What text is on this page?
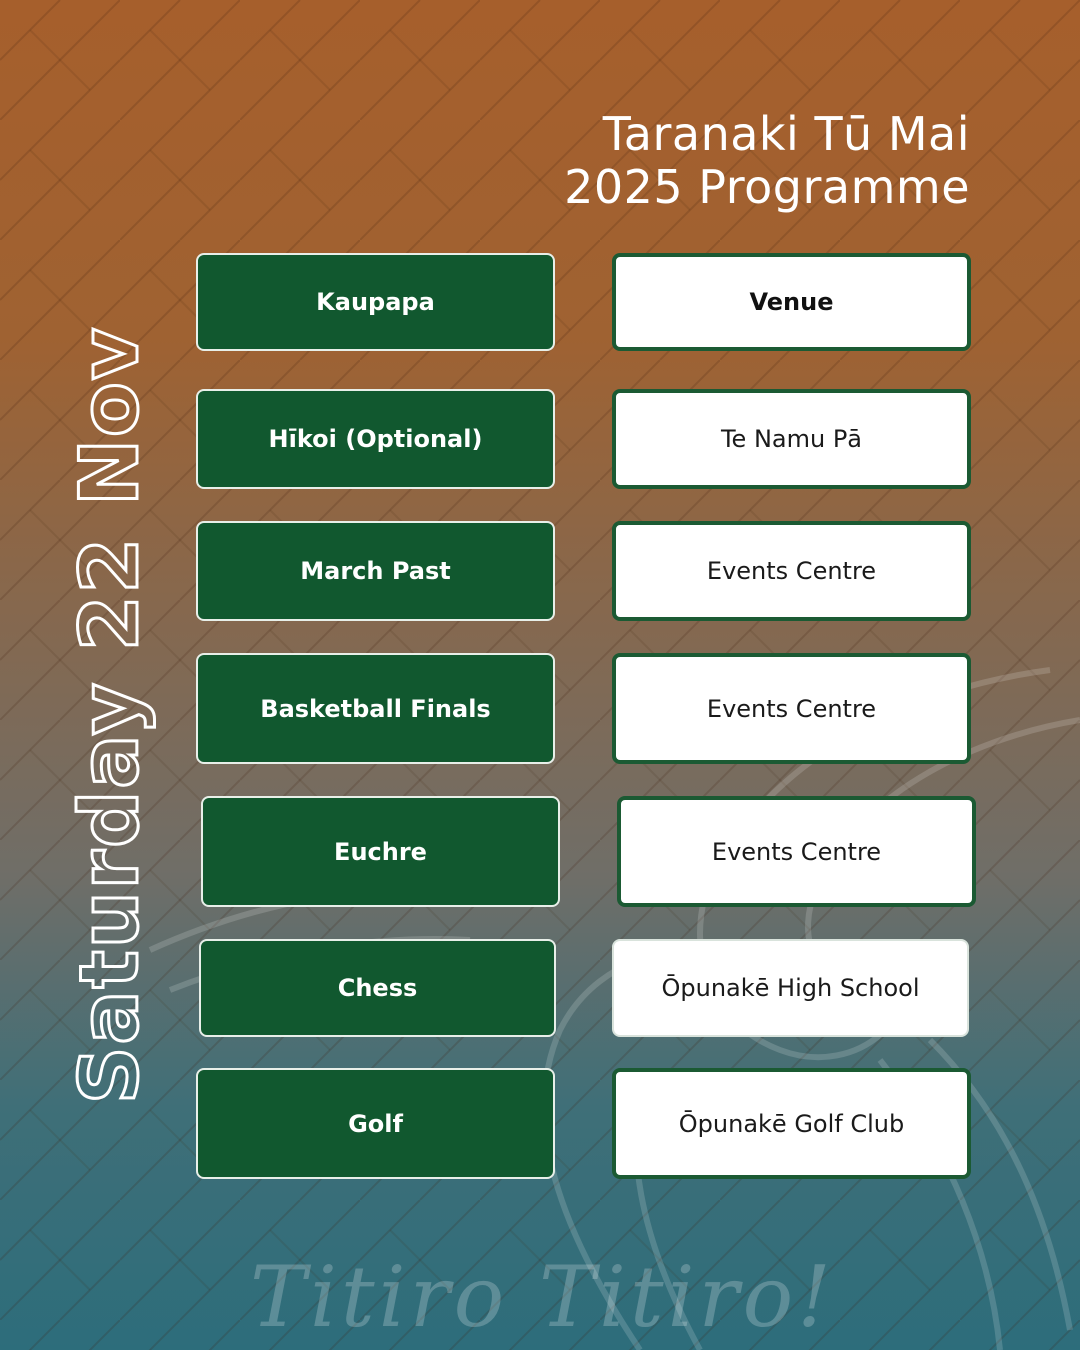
Taranaki Tū Mai
2025 Programme
Saturday 22 Nov
Kaupapa	Venue
Hīkoi (Optional)	Te Namu Pā
March Past	Events Centre
Basketball Finals	Events Centre
Euchre	Events Centre
Chess	Ōpunakē High School
Golf	Ōpunakē Golf Club
Titiro Titiro!
